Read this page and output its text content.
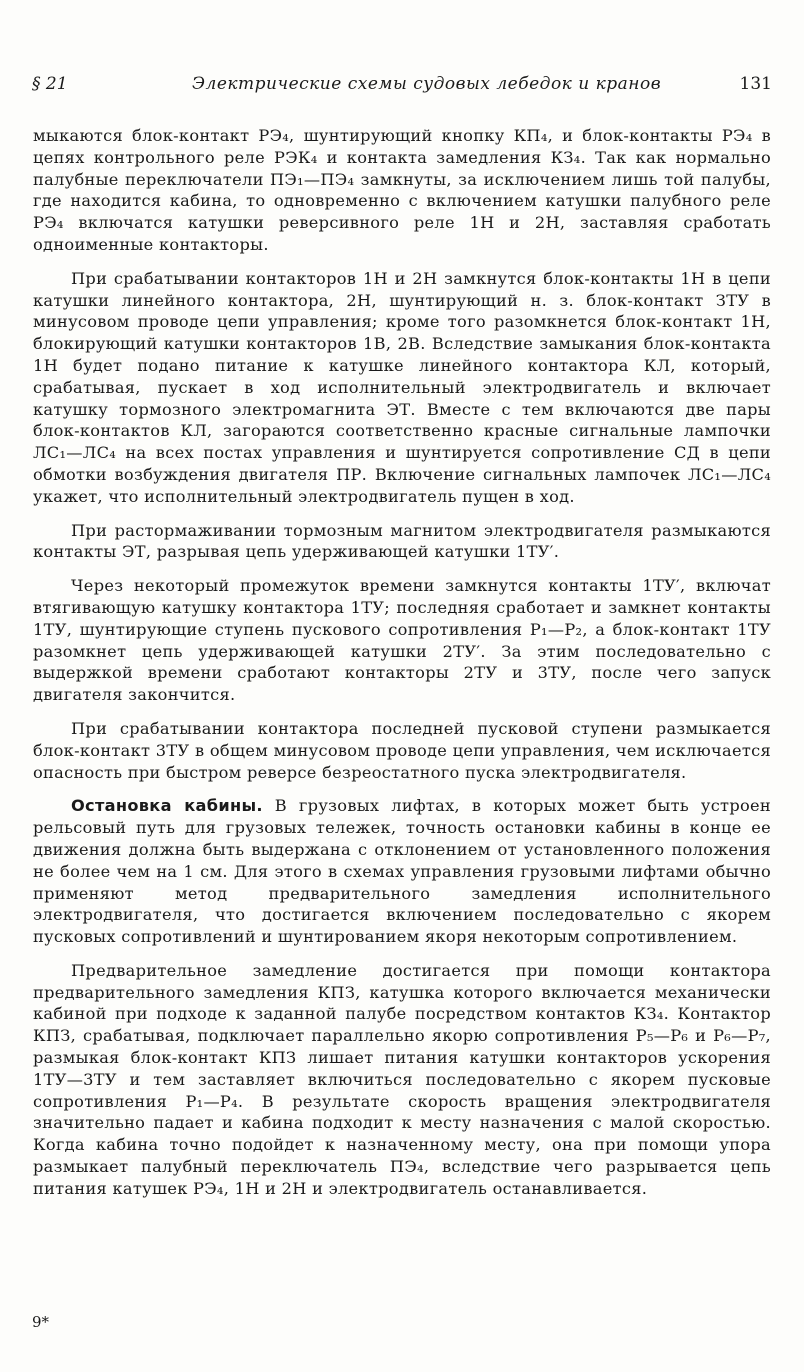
§ 21	Электрические схемы судовых лебедок и кранов	131

мыкаются блок-контакт РЭ₄, шунтирующий кнопку КП₄, и блок-контакты РЭ₄ в цепях контрольного реле РЭК₄ и контакта замедления КЗ₄. Так как нормально палубные переключатели ПЭ₁—ПЭ₄ замкнуты, за исключением лишь той палубы, где находится кабина, то одновременно с включением катушки палубного реле РЭ₄ включатся катушки реверсивного реле 1Н и 2Н, заставляя сработать одноименные контакторы.

При срабатывании контакторов 1Н и 2Н замкнутся блок-контакты 1Н в цепи катушки линейного контактора, 2Н, шунтирующий н. з. блок-контакт ЗТУ в минусовом проводе цепи управления; кроме того разомкнется блок-контакт 1Н, блокирующий катушки контакторов 1В, 2В. Вследствие замыкания блок-контакта 1Н будет подано питание к катушке линейного контактора КЛ, который, срабатывая, пускает в ход исполнительный электродвигатель и включает катушку тормозного электромагнита ЭТ. Вместе с тем включаются две пары блок-контактов КЛ, загораются соответственно красные сигнальные лампочки ЛС₁—ЛС₄ на всех постах управления и шунтируется сопротивление СД в цепи обмотки возбуждения двигателя ПР. Включение сигнальных лампочек ЛС₁—ЛС₄ укажет, что исполнительный электродвигатель пущен в ход.

При растормаживании тормозным магнитом электродвигателя размыкаются контакты ЭТ, разрывая цепь удерживающей катушки 1ТУ′.

Через некоторый промежуток времени замкнутся контакты 1ТУ′, включат втягивающую катушку контактора 1ТУ; последняя сработает и замкнет контакты 1ТУ, шунтирующие ступень пускового сопротивления Р₁—Р₂, а блок-контакт 1ТУ разомкнет цепь удерживающей катушки 2ТУ′. За этим последовательно с выдержкой времени сработают контакторы 2ТУ и 3ТУ, после чего запуск двигателя закончится.

При срабатывании контактора последней пусковой ступени размыкается блок-контакт 3ТУ в общем минусовом проводе цепи управления, чем исключается опасность при быстром реверсе безреостатного пуска электродвигателя.

Остановка кабины. В грузовых лифтах, в которых может быть устроен рельсовый путь для грузовых тележек, точность остановки кабины в конце ее движения должна быть выдержана с отклонением от установленного положения не более чем на 1 см. Для этого в схемах управления грузовыми лифтами обычно применяют метод предварительного замедления исполнительного электродвигателя, что достигается включением последовательно с якорем пусковых сопротивлений и шунтированием якоря некоторым сопротивлением.

Предварительное замедление достигается при помощи контактора предварительного замедления КПЗ, катушка которого включается механически кабиной при подходе к заданной палубе посредством контактов КЗ₄. Контактор КПЗ, срабатывая, подключает параллельно якорю сопротивления Р₅—Р₆ и Р₆—Р₇, размыкая блок-контакт КПЗ лишает питания катушки контакторов ускорения 1ТУ—3ТУ и тем заставляет включиться последовательно с якорем пусковые сопротивления Р₁—Р₄. В результате скорость вращения электродвигателя значительно падает и кабина подходит к месту назначения с малой скоростью. Когда кабина точно подойдет к назначенному месту, она при помощи упора размыкает палубный переключатель ПЭ₄, вследствие чего разрывается цепь питания катушек РЭ₄, 1Н и 2Н и электродвигатель останавливается.

9*
